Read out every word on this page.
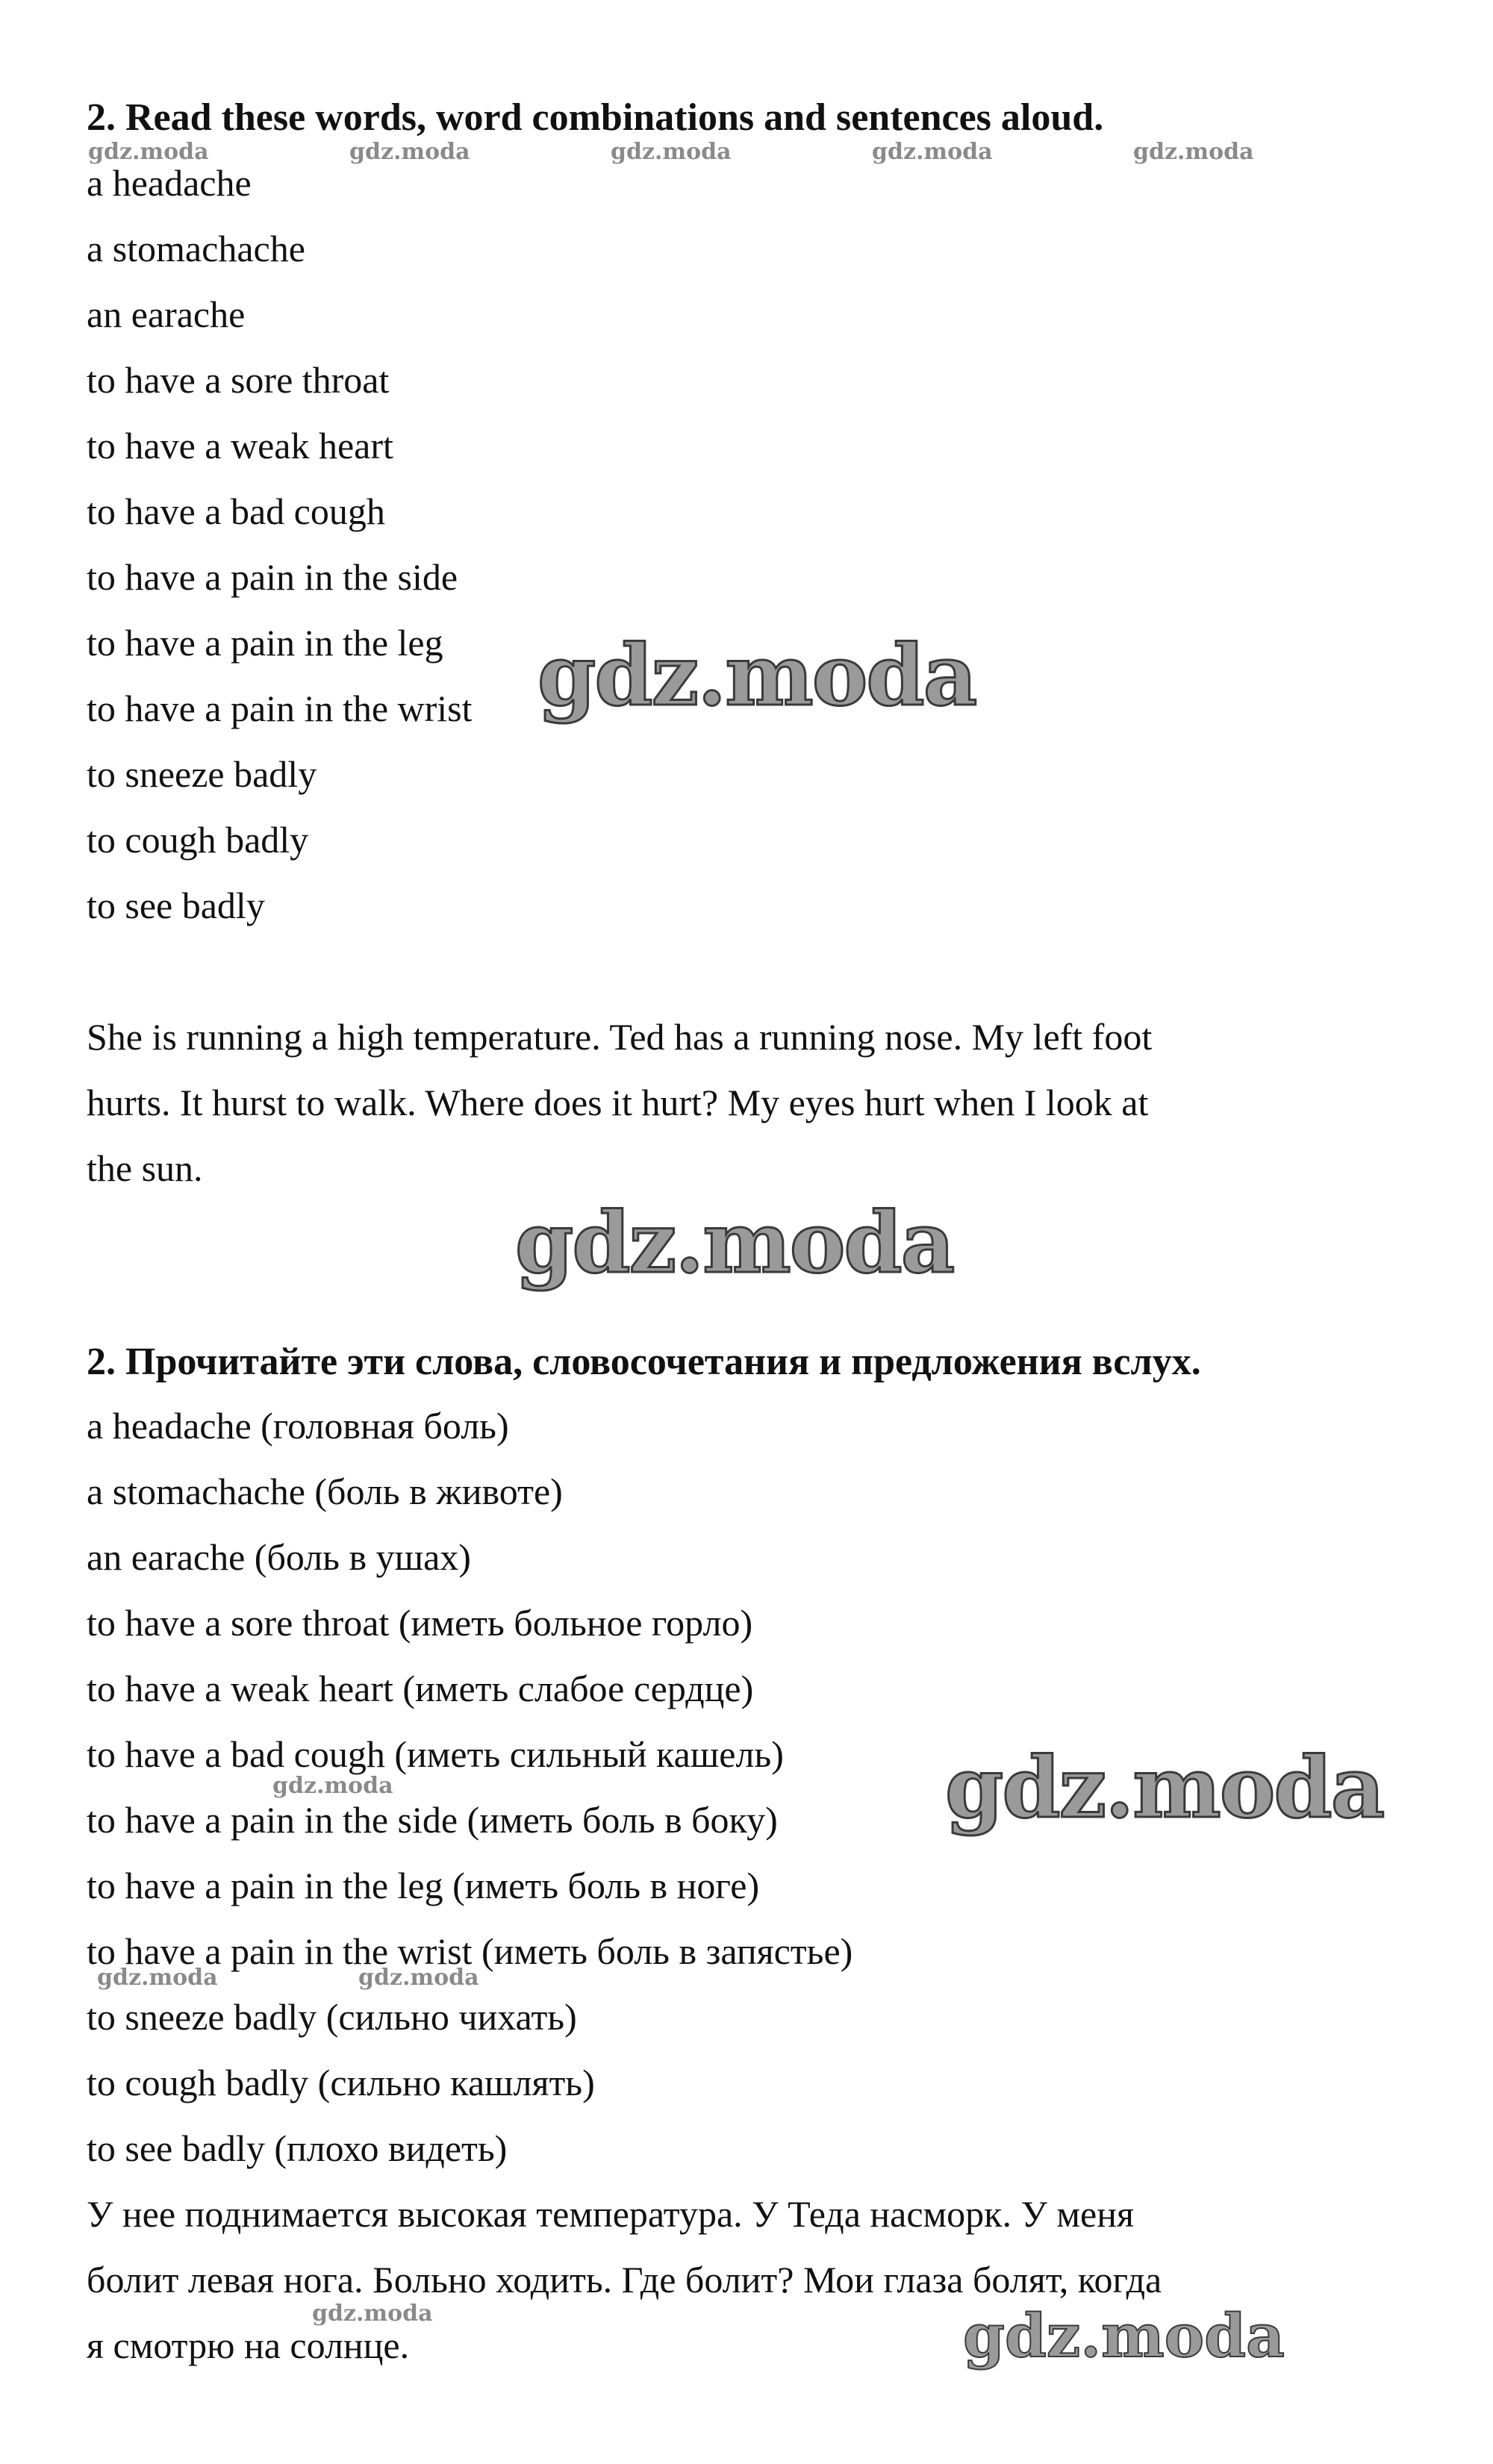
2. Read these words, word combinations and sentences aloud.
a headache
a stomachache
an earache
to have a sore throat
to have a weak heart
to have a bad cough
to have a pain in the side
to have a pain in the leg
to have a pain in the wrist
to sneeze badly
to cough badly
to see badly
She is running a high temperature. Ted has a running nose. My left foot
hurts. It hurst to walk. Where does it hurt? My eyes hurt when I look at
the sun.
2. Прочитайте эти слова, словосочетания и предложения вслух.
a headache (головная боль)
a stomachache (боль в животе)
an earache (боль в ушах)
to have a sore throat (иметь больное горло)
to have a weak heart (иметь слабое сердце)
to have a bad cough (иметь сильный кашель)
to have a pain in the side (иметь боль в боку)
to have a pain in the leg (иметь боль в ноге)
to have a pain in the wrist (иметь боль в запястье)
to sneeze badly (сильно чихать)
to cough badly (сильно кашлять)
to see badly (плохо видеть)
У нее поднимается высокая температура. У Теда насморк. У меня
болит левая нога. Больно ходить. Где болит? Мои глаза болят, когда
я смотрю на солнце.
gdz.moda	gdz.moda	gdz.moda	gdz.moda	gdz.moda
gdz.moda
gdz.moda
gdz.moda
gdz.moda
gdz.moda	gdz.moda
gdz.moda	gdz.moda
